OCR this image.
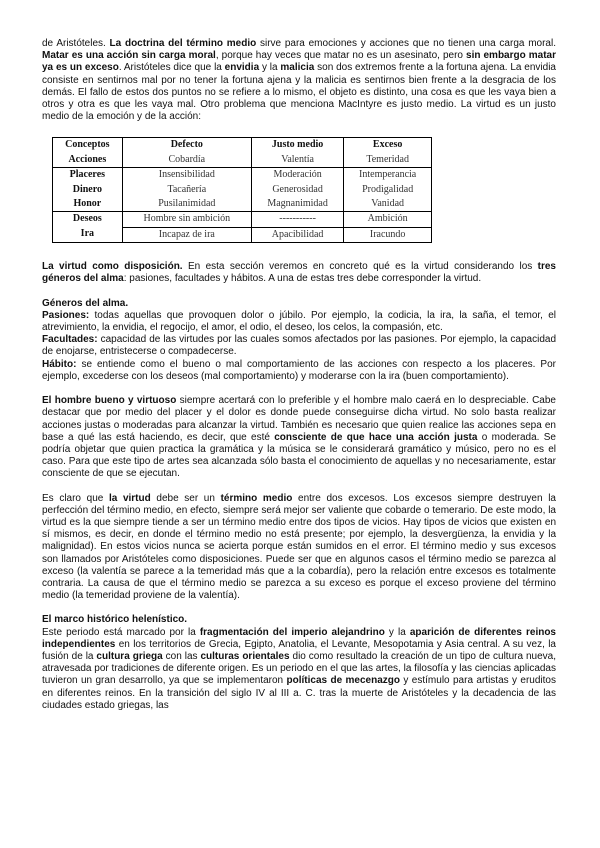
de Aristóteles. La doctrina del término medio sirve para emociones y acciones que no tienen una carga moral. Matar es una acción sin carga moral, porque hay veces que matar no es un asesinato, pero sin embargo matar ya es un exceso. Aristóteles dice que la envidia y la malicia son dos extremos frente a la fortuna ajena. La envidia consiste en sentirnos mal por no tener la fortuna ajena y la malicia es sentirnos bien frente a la desgracia de los demás. El fallo de estos dos puntos no se refiere a lo mismo, el objeto es distinto, una cosa es que les vaya bien a otros y otra es que les vaya mal. Otro problema que menciona MacIntyre es justo medio. La virtud es un justo medio de la emoción y de la acción:

Conceptos	Defecto	Justo medio	Exceso
Acciones	Cobardía	Valentía	Temeridad
Placeres	Insensibilidad	Moderación	Intemperancia
Dinero	Tacañería	Generosidad	Prodigalidad
Honor	Pusilanimidad	Magnanimidad	Vanidad
Deseos	Hombre sin ambición	-----------	Ambición
Ira	Incapaz de ira	Apacibilidad	Iracundo

La virtud como disposición. En esta sección veremos en concreto qué es la virtud considerando los tres géneros del alma: pasiones, facultades y hábitos. A una de estas tres debe corresponder la virtud.

Géneros del alma.

Pasiones: todas aquellas que provoquen dolor o júbilo. Por ejemplo, la codicia, la ira, la saña, el temor, el atrevimiento, la envidia, el regocijo, el amor, el odio, el deseo, los celos, la compasión, etc.

Facultades: capacidad de las virtudes por las cuales somos afectados por las pasiones. Por ejemplo, la capacidad de enojarse, entristecerse o compadecerse.

Hábito: se entiende como el bueno o mal comportamiento de las acciones con respecto a los placeres. Por ejemplo, excederse con los deseos (mal comportamiento) y moderarse con la ira (buen comportamiento).

El hombre bueno y virtuoso siempre acertará con lo preferible y el hombre malo caerá en lo despreciable. Cabe destacar que por medio del placer y el dolor es donde puede conseguirse dicha virtud. No solo basta realizar acciones justas o moderadas para alcanzar la virtud. También es necesario que quien realice las acciones sepa en base a qué las está haciendo, es decir, que esté consciente de que hace una acción justa o moderada. Se podría objetar que quien practica la gramática y la música se le considerará gramático y músico, pero no es el caso. Para que este tipo de artes sea alcanzada sólo basta el conocimiento de aquellas y no necesariamente, estar consciente de que se ejecutan.

Es claro que la virtud debe ser un término medio entre dos excesos. Los excesos siempre destruyen la perfección del término medio, en efecto, siempre será mejor ser valiente que cobarde o temerario. De este modo, la virtud es la que siempre tiende a ser un término medio entre dos tipos de vicios. Hay tipos de vicios que existen en sí mismos, es decir, en donde el término medio no está presente; por ejemplo, la desvergüenza, la envidia y la malignidad). En estos vicios nunca se acierta porque están sumidos en el error. El término medio y sus excesos son llamados por Aristóteles como disposiciones. Puede ser que en algunos casos el término medio se parezca al exceso (la valentía se parece a la temeridad más que a la cobardía), pero la relación entre excesos es totalmente contraria. La causa de que el término medio se parezca a su exceso es porque el exceso proviene del término medio (la temeridad proviene de la valentía).

El marco histórico helenístico.

Este periodo está marcado por la fragmentación del imperio alejandrino y la aparición de diferentes reinos independientes en los territorios de Grecia, Egipto, Anatolia, el Levante, Mesopotamia y Asia central. A su vez, la fusión de la cultura griega con las culturas orientales dio como resultado la creación de un tipo de cultura nueva, atravesada por tradiciones de diferente origen. Es un periodo en el que las artes, la filosofía y las ciencias aplicadas tuvieron un gran desarrollo, ya que se implementaron políticas de mecenazgo y estímulo para artistas y eruditos en diferentes reinos. En la transición del siglo IV al III a. C. tras la muerte de Aristóteles y la decadencia de las ciudades estado griegas, las
